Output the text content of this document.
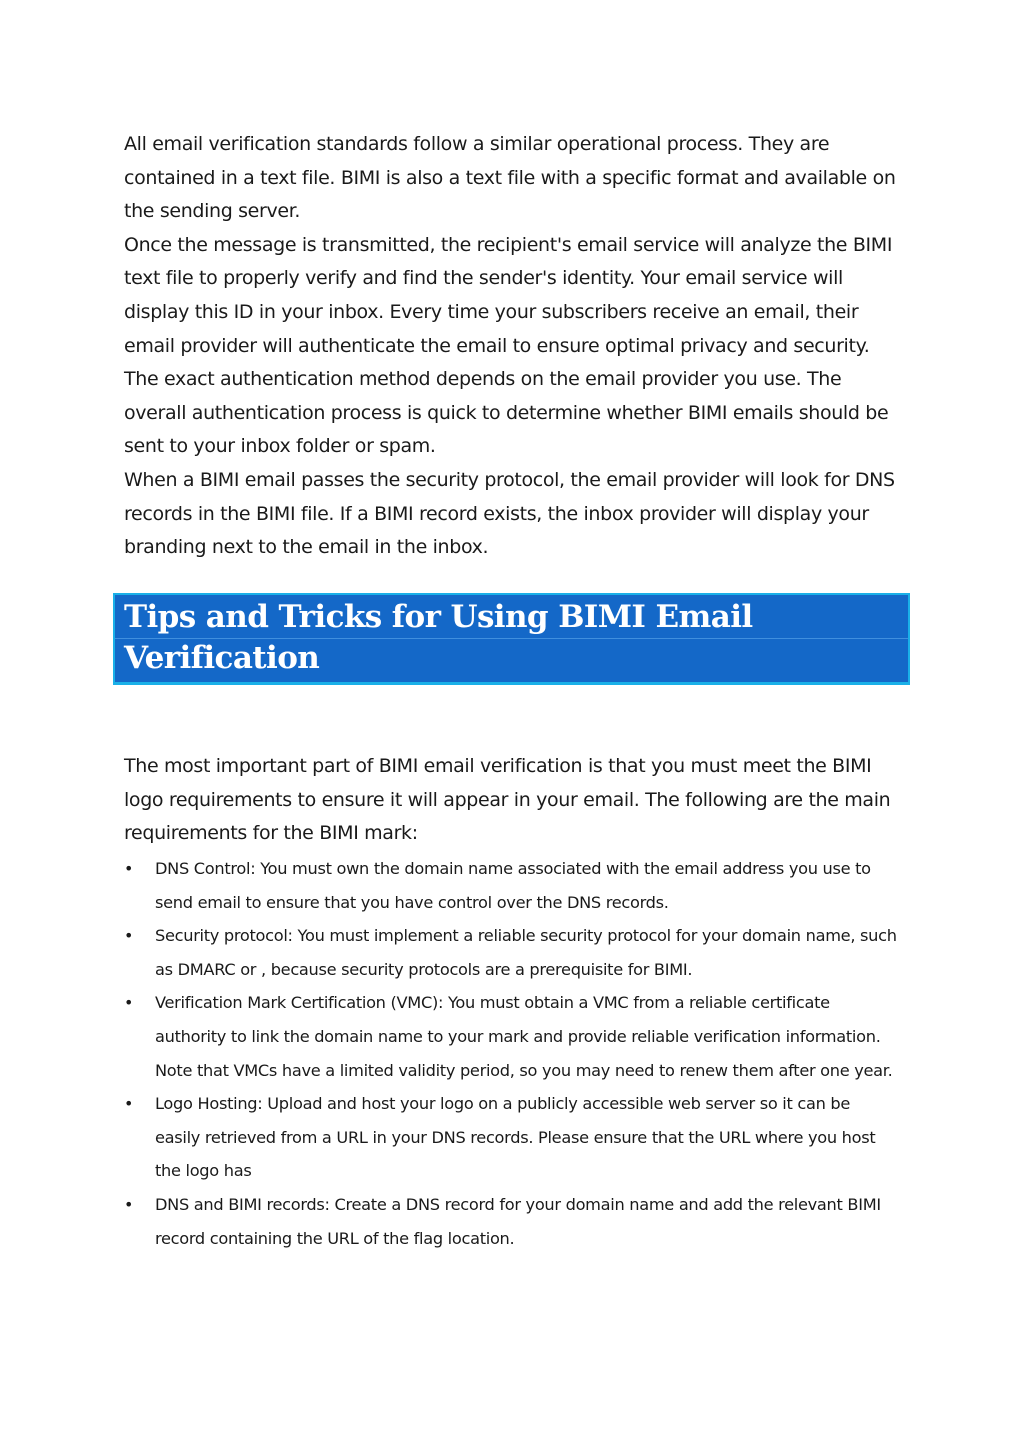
All email verification standards follow a similar operational process. They are contained in a text file. BIMI is also a text file with a specific format and available on the sending server.

Once the message is transmitted, the recipient's email service will analyze the BIMI text file to properly verify and find the sender's identity. Your email service will display this ID in your inbox. Every time your subscribers receive an email, their email provider will authenticate the email to ensure optimal privacy and security. The exact authentication method depends on the email provider you use. The overall authentication process is quick to determine whether BIMI emails should be sent to your inbox folder or spam.

When a BIMI email passes the security protocol, the email provider will look for DNS records in the BIMI file. If a BIMI record exists, the inbox provider will display your branding next to the email in the inbox.

Tips and Tricks for Using BIMI Email Verification

The most important part of BIMI email verification is that you must meet the BIMI logo requirements to ensure it will appear in your email. The following are the main requirements for the BIMI mark:

• DNS Control: You must own the domain name associated with the email address you use to send email to ensure that you have control over the DNS records.
• Security protocol: You must implement a reliable security protocol for your domain name, such as DMARC or , because security protocols are a prerequisite for BIMI.
• Verification Mark Certification (VMC): You must obtain a VMC from a reliable certificate authority to link the domain name to your mark and provide reliable verification information. Note that VMCs have a limited validity period, so you may need to renew them after one year.
• Logo Hosting: Upload and host your logo on a publicly accessible web server so it can be easily retrieved from a URL in your DNS records. Please ensure that the URL where you host the logo has
• DNS and BIMI records: Create a DNS record for your domain name and add the relevant BIMI record containing the URL of the flag location.
